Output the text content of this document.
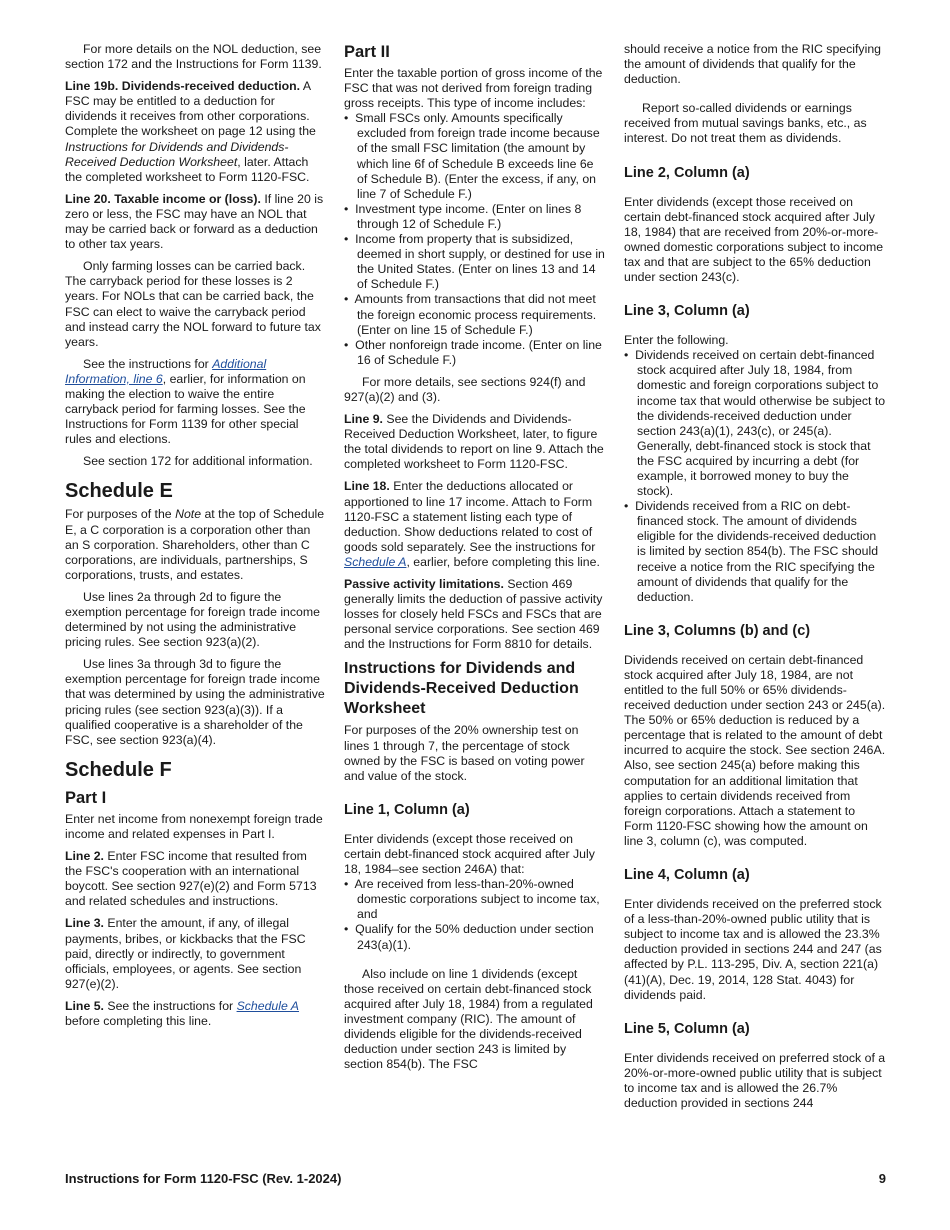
For more details on the NOL deduction, see section 172 and the Instructions for Form 1139.

Line 19b. Dividends-received deduction. A FSC may be entitled to a deduction for dividends it receives from other corporations. Complete the worksheet on page 12 using the Instructions for Dividends and Dividends-Received Deduction Worksheet, later. Attach the completed worksheet to Form 1120-FSC.

Line 20. Taxable income or (loss). If line 20 is zero or less, the FSC may have an NOL that may be carried back or forward as a deduction to other tax years.

Only farming losses can be carried back. The carryback period for these losses is 2 years. For NOLs that can be carried back, the FSC can elect to waive the carryback period and instead carry the NOL forward to future tax years.

See the instructions for Additional Information, line 6, earlier, for information on making the election to waive the entire carryback period for farming losses. See the Instructions for Form 1139 for other special rules and elections.

See section 172 for additional information.

Schedule E

For purposes of the Note at the top of Schedule E, a C corporation is a corporation other than an S corporation. Shareholders, other than C corporations, are individuals, partnerships, S corporations, trusts, and estates.

Use lines 2a through 2d to figure the exemption percentage for foreign trade income determined by not using the administrative pricing rules. See section 923(a)(2).

Use lines 3a through 3d to figure the exemption percentage for foreign trade income that was determined by using the administrative pricing rules (see section 923(a)(3)). If a qualified cooperative is a shareholder of the FSC, see section 923(a)(4).

Schedule F
Part I

Enter net income from nonexempt foreign trade income and related expenses in Part I.

Line 2. Enter FSC income that resulted from the FSC's cooperation with an international boycott. See section 927(e)(2) and Form 5713 and related schedules and instructions.

Line 3. Enter the amount, if any, of illegal payments, bribes, or kickbacks that the FSC paid, directly or indirectly, to government officials, employees, or agents. See section 927(e)(2).

Line 5. See the instructions for Schedule A before completing this line.

Part II

Enter the taxable portion of gross income of the FSC that was not derived from foreign trading gross receipts. This type of income includes:

•  Small FSCs only. Amounts specifically excluded from foreign trade income because of the small FSC limitation (the amount by which line 6f of Schedule B exceeds line 6e of Schedule B). (Enter the excess, if any, on line 7 of Schedule F.)

•  Investment type income. (Enter on lines 8 through 12 of Schedule F.)

•  Income from property that is subsidized, deemed in short supply, or destined for use in the United States. (Enter on lines 13 and 14 of Schedule F.)

•  Amounts from transactions that did not meet the foreign economic process requirements. (Enter on line 15 of Schedule F.)

•  Other nonforeign trade income. (Enter on line 16 of Schedule F.)

For more details, see sections 924(f) and 927(a)(2) and (3).

Line 9. See the Dividends and Dividends-Received Deduction Worksheet, later, to figure the total dividends to report on line 9. Attach the completed worksheet to Form 1120-FSC.

Line 18. Enter the deductions allocated or apportioned to line 17 income. Attach to Form 1120-FSC a statement listing each type of deduction. Show deductions related to cost of goods sold separately. See the instructions for Schedule A, earlier, before completing this line.

Passive activity limitations. Section 469 generally limits the deduction of passive activity losses for closely held FSCs and FSCs that are personal service corporations. See section 469 and the Instructions for Form 8810 for details.

Instructions for Dividends and Dividends-Received Deduction Worksheet

For purposes of the 20% ownership test on lines 1 through 7, the percentage of stock owned by the FSC is based on voting power and value of the stock.

Line 1, Column (a)

Enter dividends (except those received on certain debt-financed stock acquired after July 18, 1984–see section 246A) that:

•  Are received from less-than-20%-owned domestic corporations subject to income tax, and

•  Qualify for the 50% deduction under section 243(a)(1).

Also include on line 1 dividends (except those received on certain debt-financed stock acquired after July 18, 1984) from a regulated investment company (RIC). The amount of dividends eligible for the dividends-received deduction under section 243 is limited by section 854(b). The FSC

should receive a notice from the RIC specifying the amount of dividends that qualify for the deduction.

Report so-called dividends or earnings received from mutual savings banks, etc., as interest. Do not treat them as dividends.

Line 2, Column (a)

Enter dividends (except those received on certain debt-financed stock acquired after July 18, 1984) that are received from 20%-or-more-owned domestic corporations subject to income tax and that are subject to the 65% deduction under section 243(c).

Line 3, Column (a)

Enter the following.

•  Dividends received on certain debt-financed stock acquired after July 18, 1984, from domestic and foreign corporations subject to income tax that would otherwise be subject to the dividends-received deduction under section 243(a)(1), 243(c), or 245(a). Generally, debt-financed stock is stock that the FSC acquired by incurring a debt (for example, it borrowed money to buy the stock).

•  Dividends received from a RIC on debt-financed stock. The amount of dividends eligible for the dividends-received deduction is limited by section 854(b). The FSC should receive a notice from the RIC specifying the amount of dividends that qualify for the deduction.

Line 3, Columns (b) and (c)

Dividends received on certain debt-financed stock acquired after July 18, 1984, are not entitled to the full 50% or 65% dividends-received deduction under section 243 or 245(a). The 50% or 65% deduction is reduced by a percentage that is related to the amount of debt incurred to acquire the stock. See section 246A. Also, see section 245(a) before making this computation for an additional limitation that applies to certain dividends received from foreign corporations. Attach a statement to Form 1120-FSC showing how the amount on line 3, column (c), was computed.

Line 4, Column (a)

Enter dividends received on the preferred stock of a less-than-20%-owned public utility that is subject to income tax and is allowed the 23.3% deduction provided in sections 244 and 247 (as affected by P.L. 113-295, Div. A, section 221(a)(41)(A), Dec. 19, 2014, 128 Stat. 4043) for dividends paid.

Line 5, Column (a)

Enter dividends received on preferred stock of a 20%-or-more-owned public utility that is subject to income tax and is allowed the 26.7% deduction provided in sections 244

Instructions for Form 1120-FSC (Rev. 1-2024)	9
